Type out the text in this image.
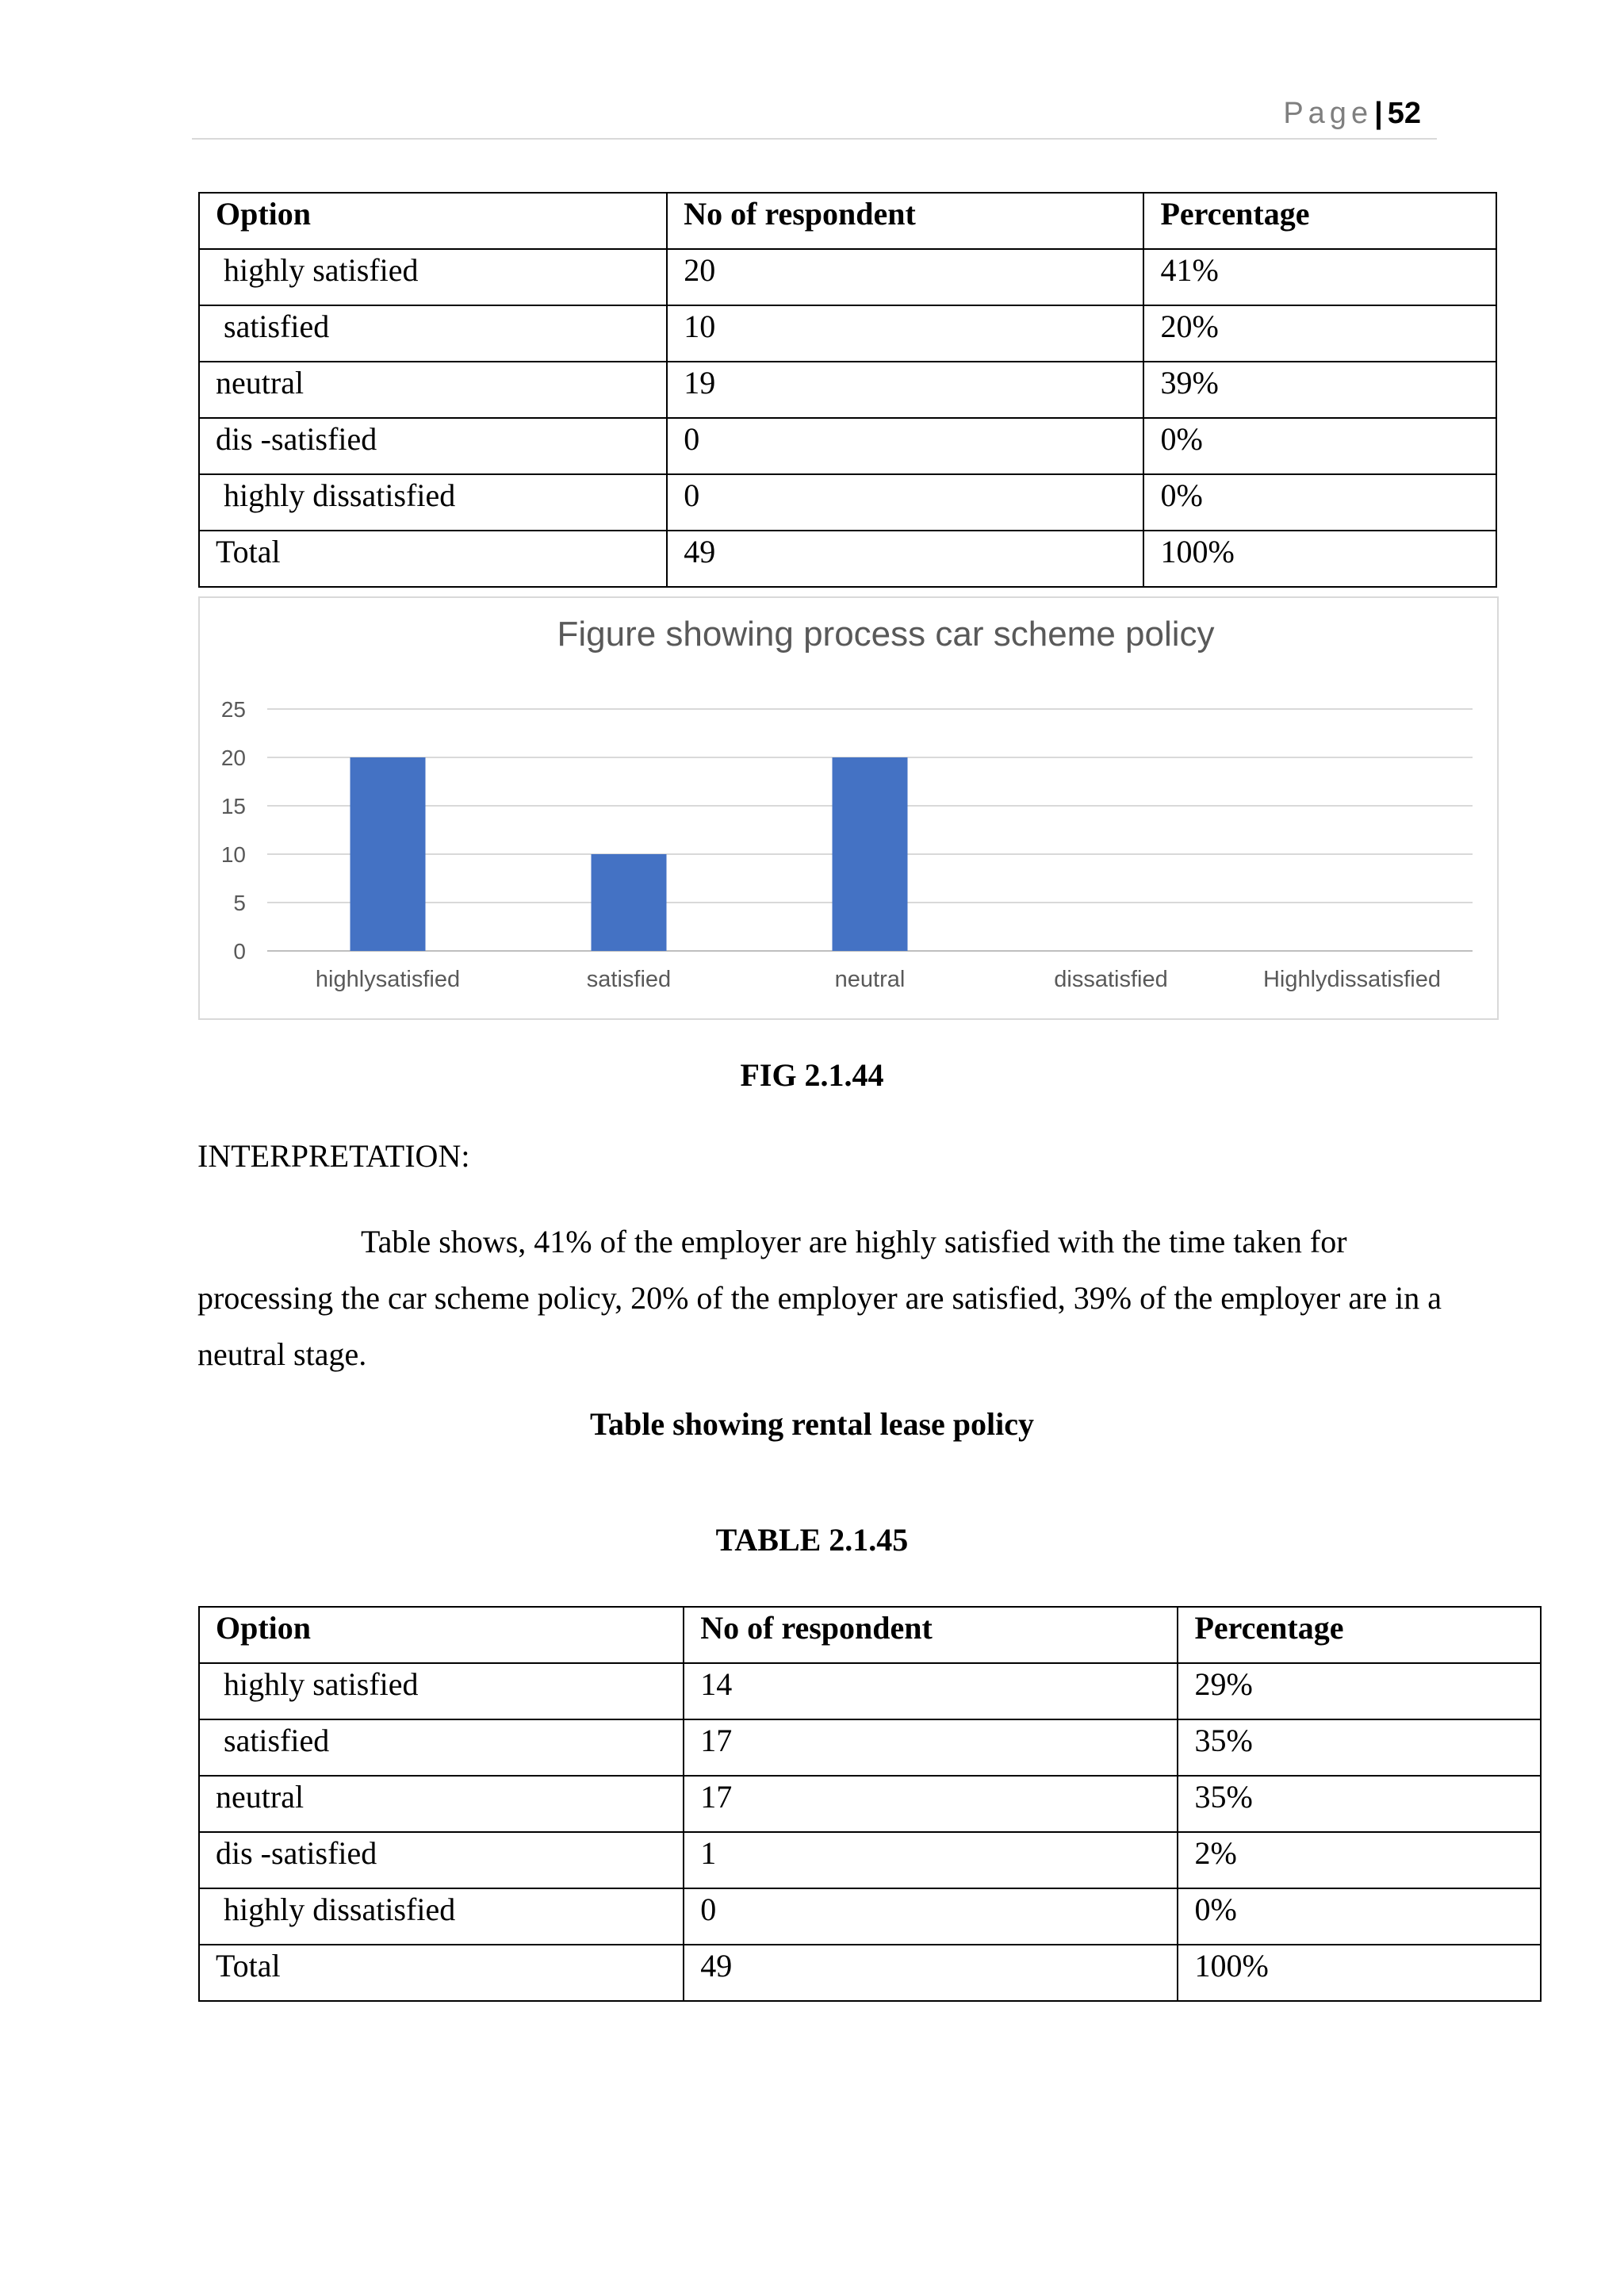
Page| 52
Option	No of respondent	Percentage
highly satisfied	20	41%
satisfied	10	20%
neutral	19	39%
dis -satisfied	0	0%
highly dissatisfied	0	0%
Total	49	100%
Figure showing process car scheme policy
0
5
10
15
20
25
highlysatisfied	satisfied	neutral	dissatisfied	Highlydissatisfied
FIG 2.1.44
INTERPRETATION:
Table shows, 41% of the employer are highly satisfied with the time taken for processing the car scheme policy, 20% of the employer are satisfied, 39% of the employer are in a neutral stage.
Table showing rental lease policy
TABLE 2.1.45
Option	No of respondent	Percentage
highly satisfied	14	29%
satisfied	17	35%
neutral	17	35%
dis -satisfied	1	2%
highly dissatisfied	0	0%
Total	49	100%
